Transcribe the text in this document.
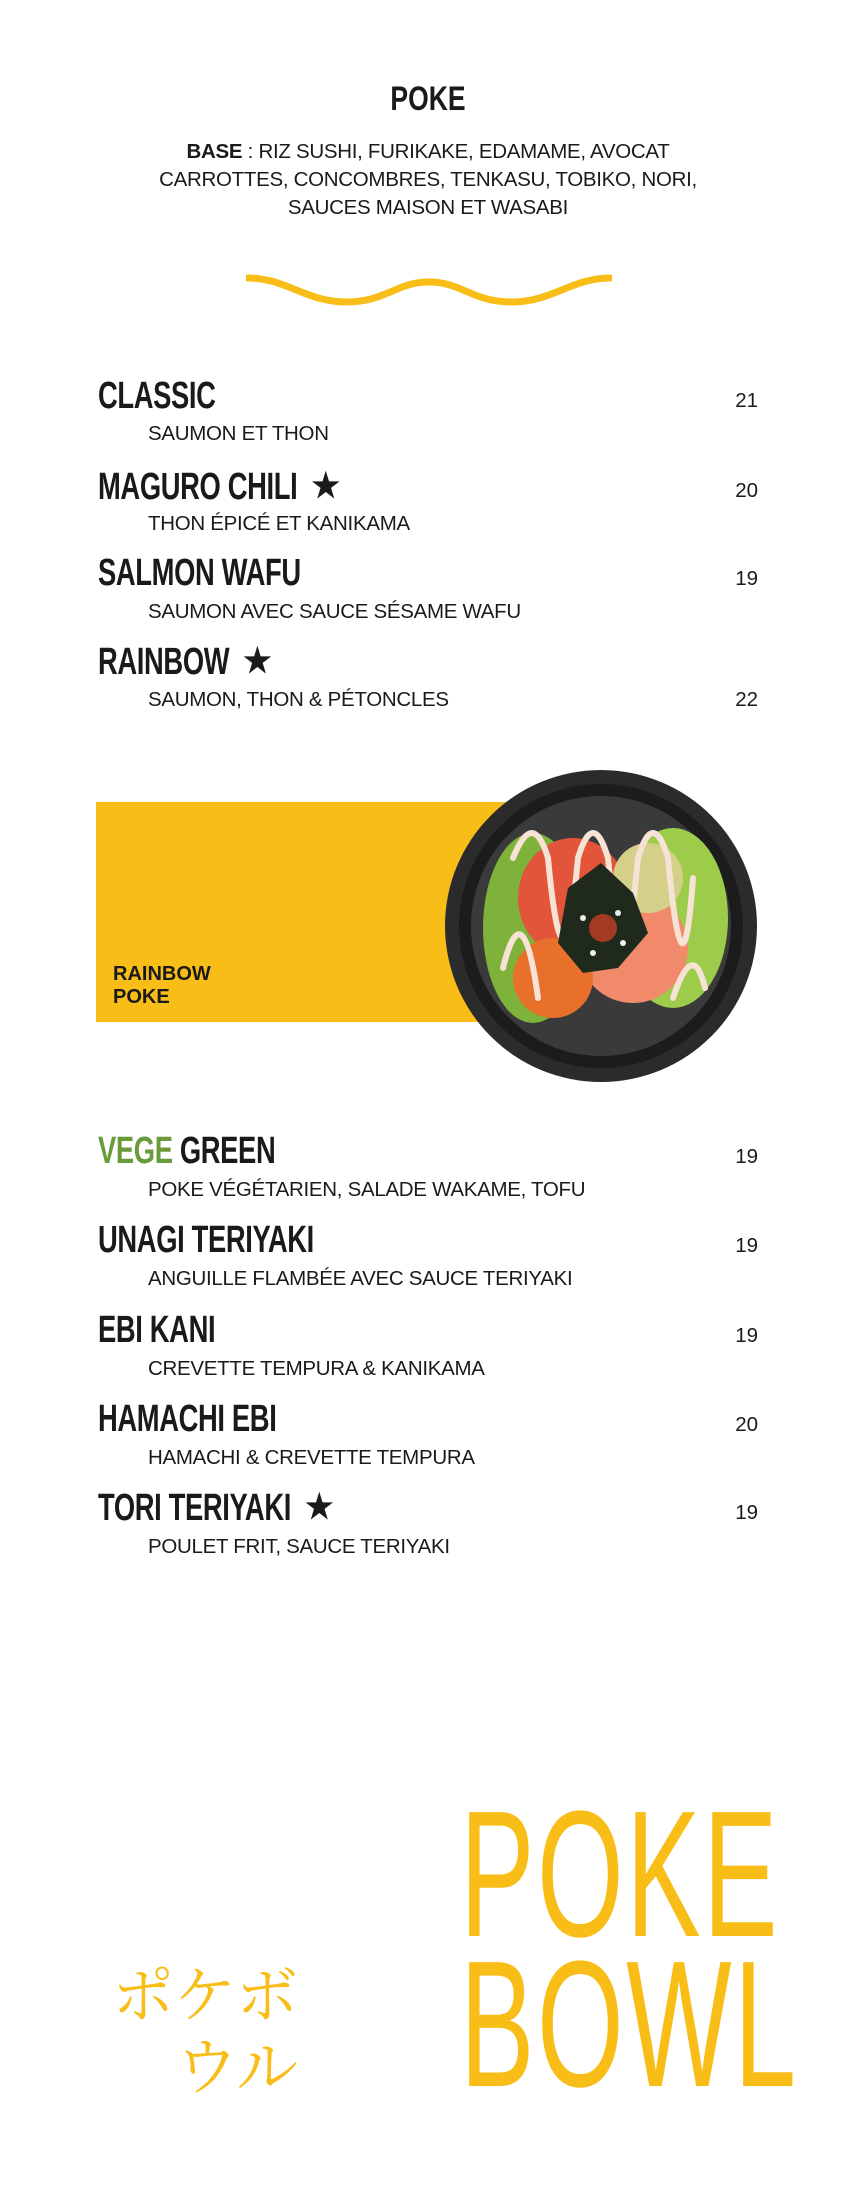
POKE
BASE : RIZ SUSHI, FURIKAKE, EDAMAME, AVOCAT
CARROTTES, CONCOMBRES, TENKASU, TOBIKO, NORI,
SAUCES MAISON ET WASABI
CLASSIC
SAUMON ET THON
21
MAGURO CHILI ★
THON ÉPICÉ ET KANIKAMA
20
SALMON WAFU
SAUMON AVEC SAUCE SÉSAME WAFU
19
RAINBOW ★
SAUMON, THON & PÉTONCLES	22
RAINBOW
POKE
VEGE GREEN
POKE VÉGÉTARIEN, SALADE WAKAME, TOFU
19
UNAGI TERIYAKI
ANGUILLE FLAMBÉE AVEC SAUCE TERIYAKI
19
EBI KANI
CREVETTE TEMPURA & KANIKAMA
19
HAMACHI EBI
HAMACHI & CREVETTE TEMPURA
20
TORI TERIYAKI ★
POULET FRIT, SAUCE TERIYAKI
19
POKE
BOWL
ポケボ
ウル
